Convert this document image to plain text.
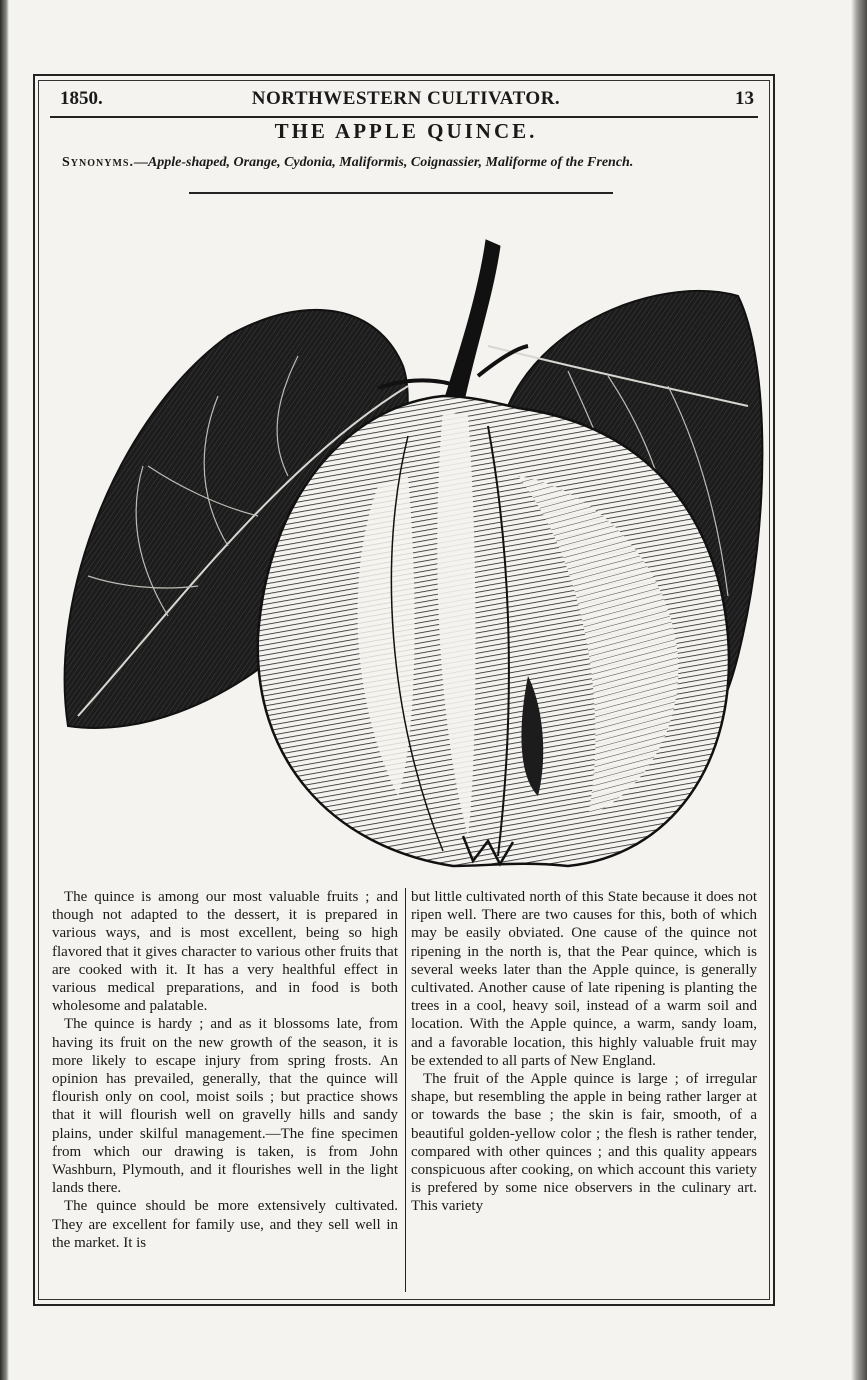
1850.	NORTHWESTERN CULTIVATOR.	13
THE APPLE QUINCE.
Synonyms.—Apple-shaped, Orange, Cydonia, Maliformis, Coignassier, Maliforme of the French.

The quince is among our most valuable fruits ; and though not adapted to the dessert, it is prepared in various ways, and is most excellent, being so high flavored that it gives character to various other fruits that are cooked with it. It has a very healthful effect in various medical preparations, and in food is both wholesome and palatable.

The quince is hardy ; and as it blossoms late, from having its fruit on the new growth of the season, it is more likely to escape injury from spring frosts. An opinion has prevailed, generally, that the quince will flourish only on cool, moist soils ; but practice shows that it will flourish well on gravelly hills and sandy plains, under skilful management.—The fine specimen from which our drawing is taken, is from John Washburn, Plymouth, and it flourishes well in the light lands there.

The quince should be more extensively cultivated. They are excellent for family use, and they sell well in the market. It is

but little cultivated north of this State because it does not ripen well. There are two causes for this, both of which may be easily obviated. One cause of the quince not ripening in the north is, that the Pear quince, which is several weeks later than the Apple quince, is generally cultivated. Another cause of late ripening is planting the trees in a cool, heavy soil, instead of a warm soil and location. With the Apple quince, a warm, sandy loam, and a favorable location, this highly valuable fruit may be extended to all parts of New England.

The fruit of the Apple quince is large ; of irregular shape, but resembling the apple in being rather larger at or towards the base ; the skin is fair, smooth, of a beautiful golden-yellow color ; the flesh is rather tender, compared with other quinces ; and this quality appears conspicuous after cooking, on which account this variety is prefered by some nice observers in the culinary art. This variety
